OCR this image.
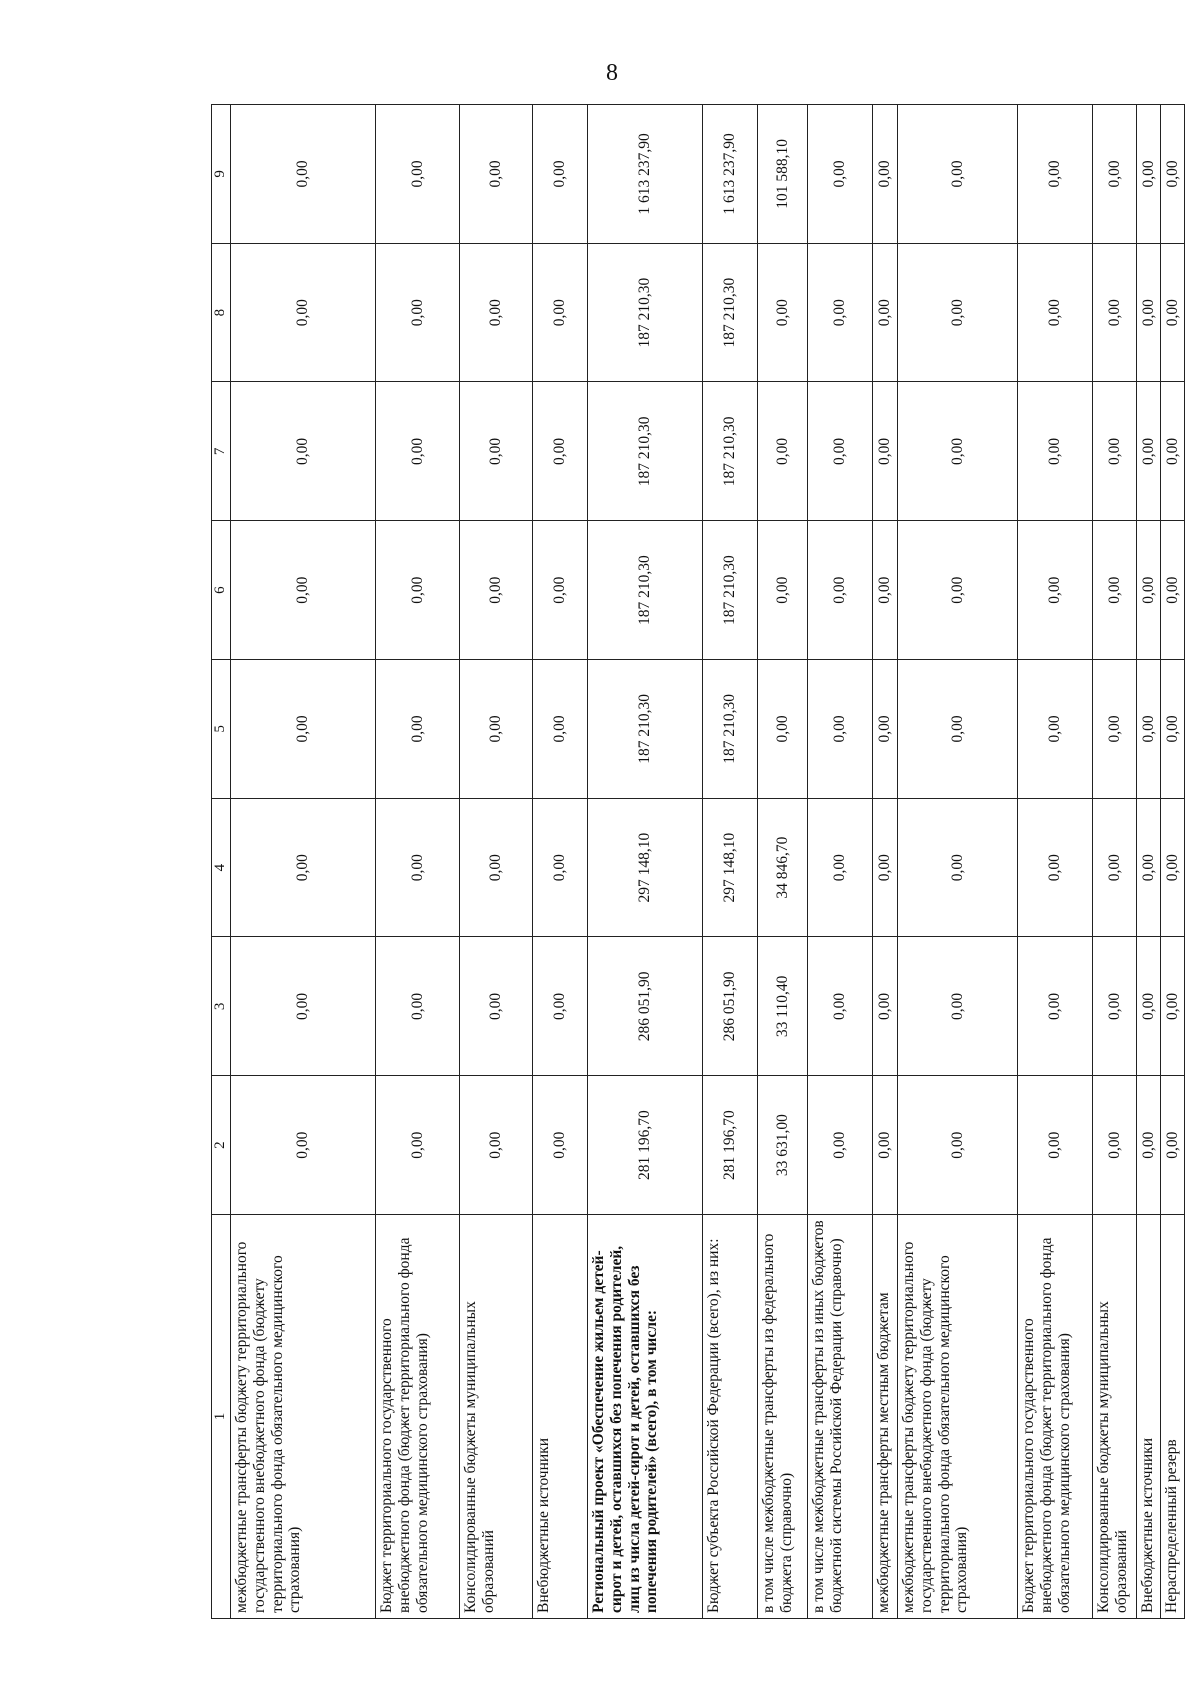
8
1	2	3	4	5	6	7	8	9
межбюджетные трансферты бюджету территориального государственного внебюджетного фонда (бюджету территориального фонда обязательного медицинского страхования)	0,00	0,00	0,00	0,00	0,00	0,00	0,00	0,00
Бюджет территориального государственного внебюджетного фонда (бюджет территориального фонда обязательного медицинского страхования)	0,00	0,00	0,00	0,00	0,00	0,00	0,00	0,00
Консолидированные бюджеты муниципальных образований	0,00	0,00	0,00	0,00	0,00	0,00	0,00	0,00
Внебюджетные источники	0,00	0,00	0,00	0,00	0,00	0,00	0,00	0,00
Региональный проект «Обеспечение жильем детей-сирот и детей, оставшихся без попечения родителей, лиц из числа детей-сирот и детей, оставшихся без попечения родителей» (всего), в том числе:	281 196,70	286 051,90	297 148,10	187 210,30	187 210,30	187 210,30	187 210,30	1 613 237,90
Бюджет субъекта Российской Федерации (всего), из них:	281 196,70	286 051,90	297 148,10	187 210,30	187 210,30	187 210,30	187 210,30	1 613 237,90
в том числе межбюджетные трансферты из федерального бюджета (справочно)	33 631,00	33 110,40	34 846,70	0,00	0,00	0,00	0,00	101 588,10
в том числе межбюджетные трансферты из иных бюджетов бюджетной системы Российской Федерации (справочно)	0,00	0,00	0,00	0,00	0,00	0,00	0,00	0,00
межбюджетные трансферты местным бюджетам	0,00	0,00	0,00	0,00	0,00	0,00	0,00	0,00
межбюджетные трансферты бюджету территориального государственного внебюджетного фонда (бюджету территориального фонда обязательного медицинского страхования)	0,00	0,00	0,00	0,00	0,00	0,00	0,00	0,00
Бюджет территориального государственного внебюджетного фонда (бюджет территориального фонда обязательного медицинского страхования)	0,00	0,00	0,00	0,00	0,00	0,00	0,00	0,00
Консолидированные бюджеты муниципальных образований	0,00	0,00	0,00	0,00	0,00	0,00	0,00	0,00
Внебюджетные источники	0,00	0,00	0,00	0,00	0,00	0,00	0,00	0,00
Нераспределенный резерв	0,00	0,00	0,00	0,00	0,00	0,00	0,00	0,00
